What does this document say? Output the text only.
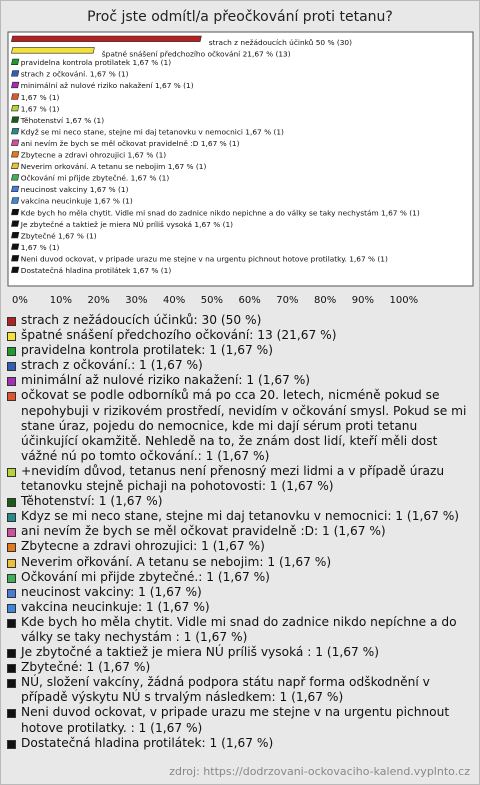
Proč jste odmítl/a přeočkování proti tetanu?
strach z nežádoucích účinků 50 % (30)
špatné snášení předchozího očkování 21,67 % (13)
pravidelna kontrola protilatek 1,67 % (1)
strach z očkování. 1,67 % (1)
minimální až nulové riziko nakažení 1,67 % (1)
1,67 % (1)
1,67 % (1)
Těhotenství 1,67 % (1)
Když se mi neco stane, stejne mi daj tetanovku v nemocnici 1,67 % (1)
ani nevím že bych se měl očkovat pravidelně :D 1,67 % (1)
Zbytecne a zdravi ohrozujici 1,67 % (1)
Neverim orkování. A tetanu se nebojim 1,67 % (1)
Očkování mi přijde zbytečné. 1,67 % (1)
neucinost vakciny 1,67 % (1)
vakcina neucinkuje 1,67 % (1)
Kde bych ho měla chytit. Vidle mi snad do zadnice nikdo nepichne a do války se taky nechystám 1,67 % (1)
Je zbytečné a taktiež je miera NÚ príliš vysoká 1,67 % (1)
Zbytečné 1,67 % (1)
1,67 % (1)
Neni duvod ockovat, v pripade urazu me stejne v na urgentu pichnout hotove protilatky. 1,67 % (1)
Dostatečná hladina protilátek 1,67 % (1)
0% 10% 20% 30% 40% 50% 60% 70% 80% 90% 100%
strach z nežádoucích účinků: 30 (50 %)
špatné snášení předchozího očkování: 13 (21,67 %)
pravidelna kontrola protilatek: 1 (1,67 %)
strach z očkování.: 1 (1,67 %)
minimální až nulové riziko nakažení: 1 (1,67 %)
očkovat se podle odborníků má po cca 20. letech, nicméně pokud se nepohybuji v rizikovém prostředí, nevidím v očkování smysl. Pokud se mi stane úraz, pojedu do nemocnice, kde mi dají sérum proti tetanu účinkující okamžitě. Nehledě na to, že znám dost lidí, kteří měli dost vážné nú po tomto očkování.: 1 (1,67 %)
+nevidím důvod, tetanus není přenosný mezi lidmi a v případě úrazu tetanovku stejně pichaji na pohotovosti: 1 (1,67 %)
Těhotenství: 1 (1,67 %)
Kdyz se mi neco stane, stejne mi daj tetanovku v nemocnici: 1 (1,67 %)
ani nevím že bych se měl očkovat pravidelně :D: 1 (1,67 %)
Zbytecne a zdravi ohrozujici: 1 (1,67 %)
Neverim ořkování. A tetanu se nebojim: 1 (1,67 %)
Očkování mi přijde zbytečné.: 1 (1,67 %)
neucinost vakciny: 1 (1,67 %)
vakcina neucinkuje: 1 (1,67 %)
Kde bych ho měla chytit. Vidle mi snad do zadnice nikdo nepíchne a do války se taky nechystám : 1 (1,67 %)
Je zbytočné a taktiež je miera NÚ príliš vysoká : 1 (1,67 %)
Zbytečné: 1 (1,67 %)
NÚ, složení vakcíny, žádná podpora státu např forma odškodnění v případě výskytu NÚ s trvalým následkem: 1 (1,67 %)
Neni duvod ockovat, v pripade urazu me stejne v na urgentu pichnout hotove protilatky. : 1 (1,67 %)
Dostatečná hladina protilátek: 1 (1,67 %)
zdroj: https://dodrzovani-ockovaciho-kalend.vyplnto.cz
